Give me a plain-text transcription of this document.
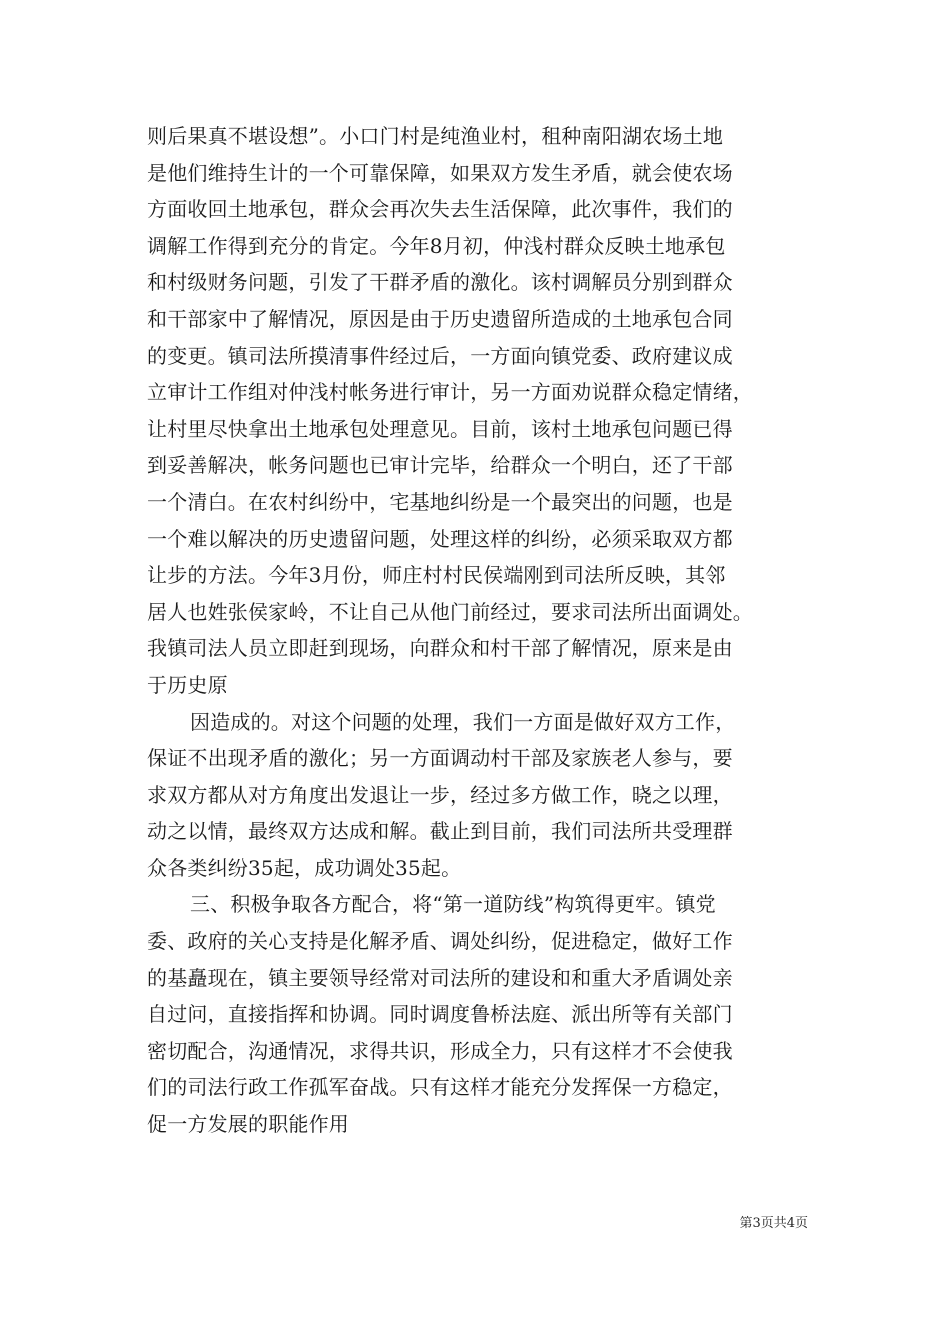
则后果真不堪设想”。小口门村是纯渔业村，租种南阳湖农场土地
是他们维持生计的一个可靠保障，如果双方发生矛盾，就会使农场
方面收回土地承包，群众会再次失去生活保障，此次事件，我们的
调解工作得到充分的肯定。今年8月初，仲浅村群众反映土地承包
和村级财务问题，引发了干群矛盾的激化。该村调解员分别到群众
和干部家中了解情况，原因是由于历史遗留所造成的土地承包合同
的变更。镇司法所摸清事件经过后，一方面向镇党委、政府建议成
立审计工作组对仲浅村帐务进行审计，另一方面劝说群众稳定情绪，
让村里尽快拿出土地承包处理意见。目前，该村土地承包问题已得
到妥善解决，帐务问题也已审计完毕，给群众一个明白，还了干部
一个清白。在农村纠纷中，宅基地纠纷是一个最突出的问题，也是
一个难以解决的历史遗留问题，处理这样的纠纷，必须采取双方都
让步的方法。今年3月份，师庄村村民侯端刚到司法所反映，其邻
居人也姓张侯家岭，不让自己从他门前经过，要求司法所出面调处。
我镇司法人员立即赶到现场，向群众和村干部了解情况，原来是由
于历史原
因造成的。对这个问题的处理，我们一方面是做好双方工作，
保证不出现矛盾的激化；另一方面调动村干部及家族老人参与，要
求双方都从对方角度出发退让一步，经过多方做工作，晓之以理，
动之以情，最终双方达成和解。截止到目前，我们司法所共受理群
众各类纠纷35起，成功调处35起。
三、积极争取各方配合，将“第一道防线”构筑得更牢。镇党
委、政府的关心支持是化解矛盾、调处纠纷，促进稳定，做好工作
的基矗现在，镇主要领导经常对司法所的建设和和重大矛盾调处亲
自过问，直接指挥和协调。同时调度鲁桥法庭、派出所等有关部门
密切配合，沟通情况，求得共识，形成全力，只有这样才不会使我
们的司法行政工作孤军奋战。只有这样才能充分发挥保一方稳定，
促一方发展的职能作用
第3页共4页
